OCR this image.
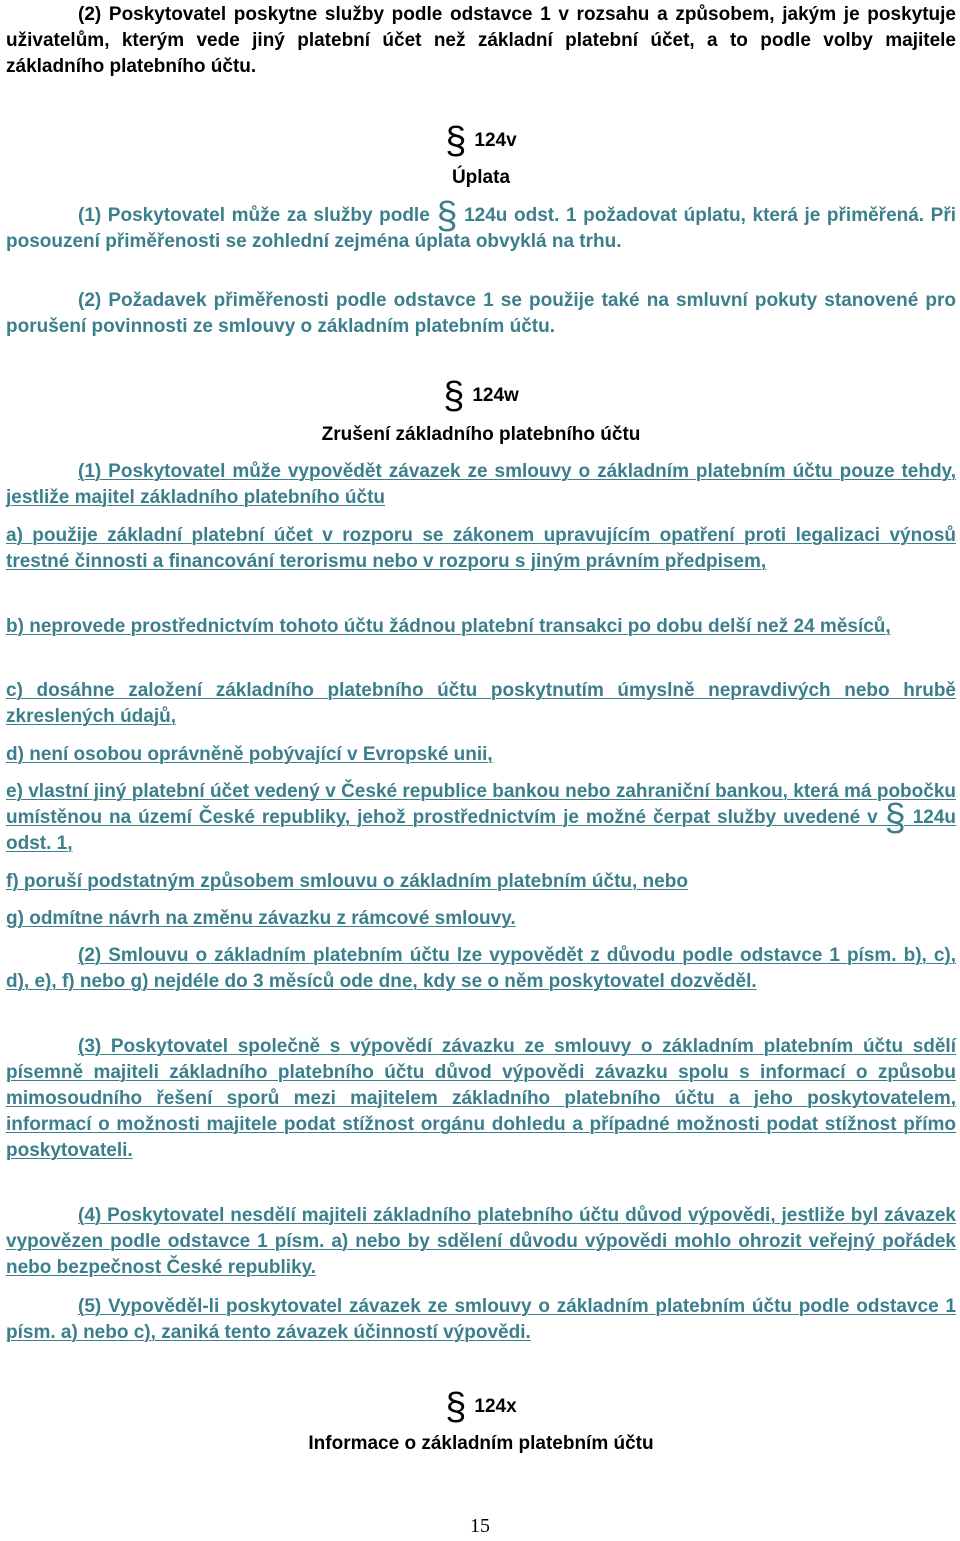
(2) Poskytovatel poskytne služby podle odstavce 1 v rozsahu a způsobem, jakým je poskytuje uživatelům, kterým vede jiný platební účet než základní platební účet, a to podle volby majitele základního platebního účtu.

§ 124v
Úplata

(1) Poskytovatel může za služby podle § 124u odst. 1 požadovat úplatu, která je přiměřená. Při posouzení přiměřenosti se zohlední zejména úplata obvyklá na trhu.

(2) Požadavek přiměřenosti podle odstavce 1 se použije také na smluvní pokuty stanovené pro porušení povinnosti ze smlouvy o základním platebním účtu.

§ 124w
Zrušení základního platebního účtu

(1) Poskytovatel může vypovědět závazek ze smlouvy o základním platebním účtu pouze tehdy, jestliže majitel základního platebního účtu

a) použije základní platební účet v rozporu se zákonem upravujícím opatření proti legalizaci výnosů trestné činnosti a financování terorismu nebo v rozporu s jiným právním předpisem,

b) neprovede prostřednictvím tohoto účtu žádnou platební transakci po dobu delší než 24 měsíců,

c) dosáhne založení základního platebního účtu poskytnutím úmyslně nepravdivých nebo hrubě zkreslených údajů,

d) není osobou oprávněně pobývající v Evropské unii,

e) vlastní jiný platební účet vedený v České republice bankou nebo zahraniční bankou, která má pobočku umístěnou na území České republiky, jehož prostřednictvím je možné čerpat služby uvedené v § 124u odst. 1,

f) poruší podstatným způsobem smlouvu o základním platebním účtu, nebo

g) odmítne návrh na změnu závazku z rámcové smlouvy.

(2) Smlouvu o základním platebním účtu lze vypovědět z důvodu podle odstavce 1 písm. b), c), d), e), f) nebo g) nejdéle do 3 měsíců ode dne, kdy se o něm poskytovatel dozvěděl.

(3) Poskytovatel společně s výpovědí závazku ze smlouvy o základním platebním účtu sdělí písemně majiteli základního platebního účtu důvod výpovědi závazku spolu s informací o způsobu mimosoudního řešení sporů mezi majitelem základního platebního účtu a jeho poskytovatelem, informací o možnosti majitele podat stížnost orgánu dohledu a případné možnosti podat stížnost přímo poskytovateli.

(4) Poskytovatel nesdělí majiteli základního platebního účtu důvod výpovědi, jestliže byl závazek vypovězen podle odstavce 1 písm. a) nebo by sdělení důvodu výpovědi mohlo ohrozit veřejný pořádek nebo bezpečnost České republiky.

(5) Vypověděl-li poskytovatel závazek ze smlouvy o základním platebním účtu podle odstavce 1 písm. a) nebo c), zaniká tento závazek účinností výpovědi.

§ 124x
Informace o základním platebním účtu
15
